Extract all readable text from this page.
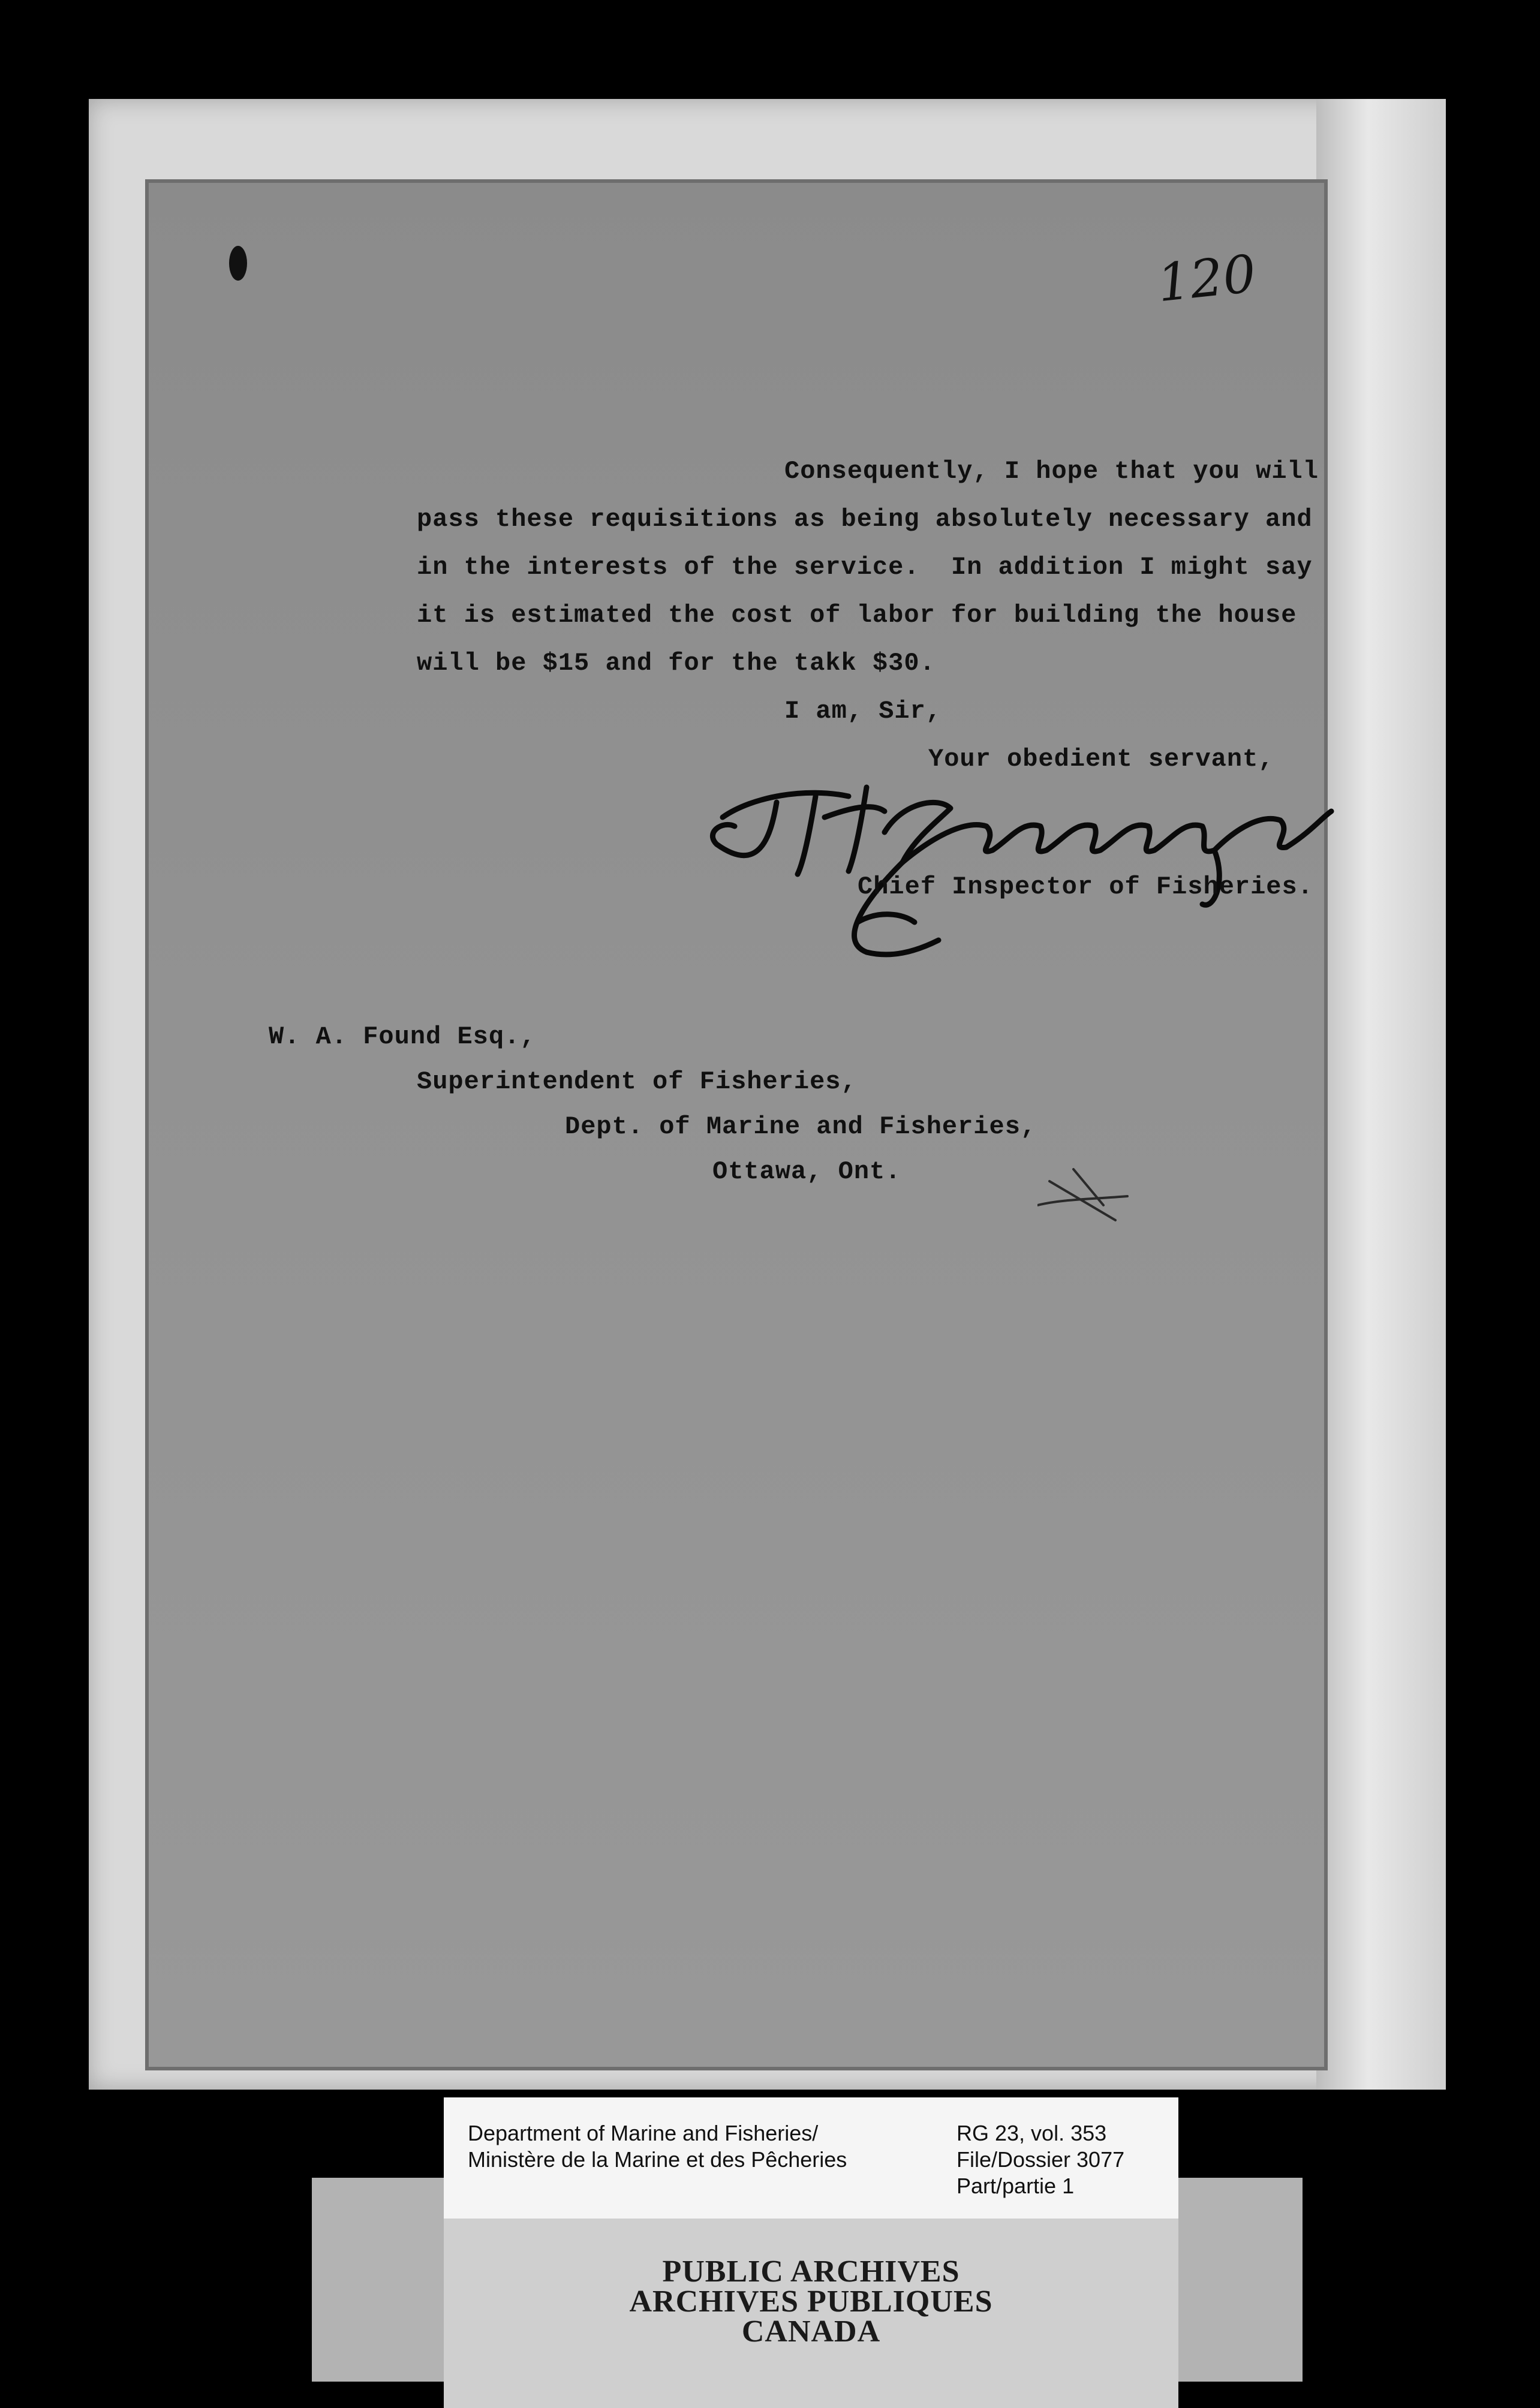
120
Consequently, I hope that you will
pass these requisitions as being absolutely necessary and
in the interests of the service.  In addition I might say
it is estimated the cost of labor for building the house
will be $15 and for the takk $30.
I am, Sir,
Your obedient servant,
Chief Inspector of Fisheries.
W. A. Found Esq.,
Superintendent of Fisheries,
Dept. of Marine and Fisheries,
Ottawa, Ont.
Department of Marine and Fisheries/
Ministère de la Marine et des Pêcheries
RG 23, vol. 353
File/Dossier 3077
Part/partie 1
PUBLIC ARCHIVES
ARCHIVES PUBLIQUES
CANADA
